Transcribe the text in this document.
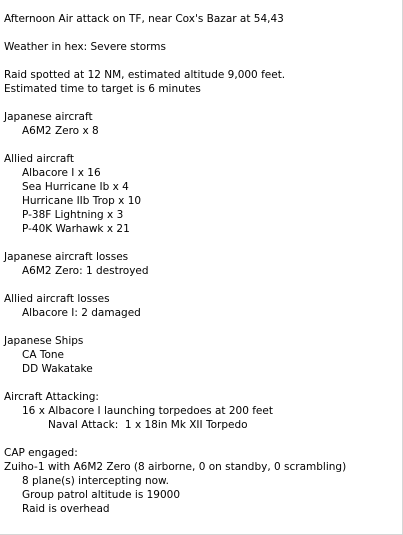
Afternoon Air attack on TF, near Cox's Bazar at 54,43
Weather in hex: Severe storms
Raid spotted at 12 NM, estimated altitude 9,000 feet.
Estimated time to target is 6 minutes
Japanese aircraft
A6M2 Zero x 8
Allied aircraft
Albacore I x 16
Sea Hurricane Ib x 4
Hurricane IIb Trop x 10
P-38F Lightning x 3
P-40K Warhawk x 21
Japanese aircraft losses
A6M2 Zero: 1 destroyed
Allied aircraft losses
Albacore I: 2 damaged
Japanese Ships
CA Tone
DD Wakatake
Aircraft Attacking:
16 x Albacore I launching torpedoes at 200 feet
Naval Attack:  1 x 18in Mk XII Torpedo
CAP engaged:
Zuiho-1 with A6M2 Zero (8 airborne, 0 on standby, 0 scrambling)
8 plane(s) intercepting now.
Group patrol altitude is 19000
Raid is overhead
